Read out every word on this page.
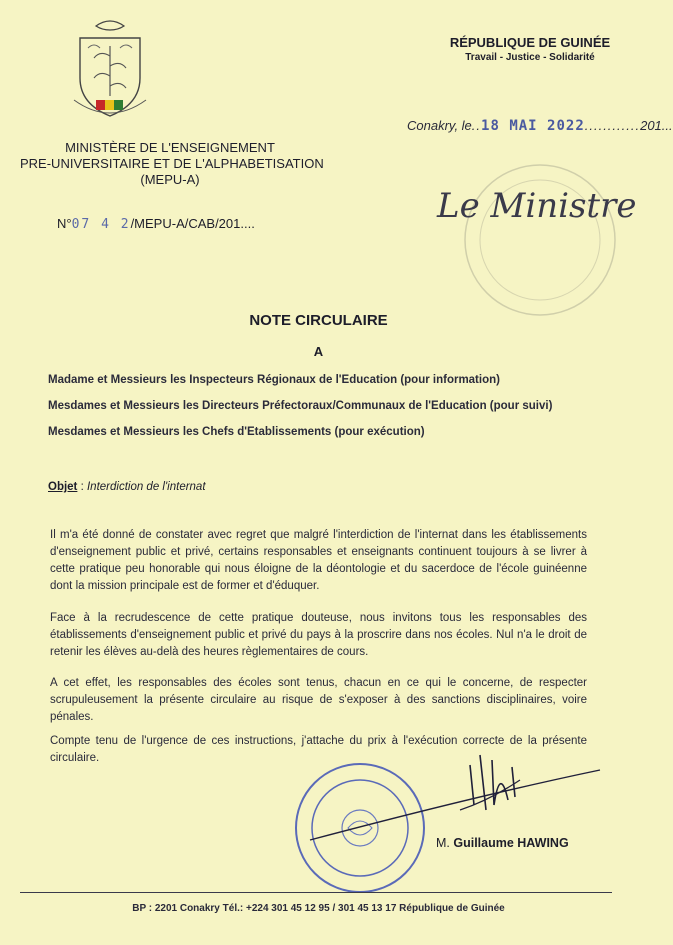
MINISTÈRE DE L'ENSEIGNEMENT
PRE-UNIVERSITAIRE ET DE L'ALPHABETISATION
(MEPU-A)
N°07 4 2/MEPU-A/CAB/201....
RÉPUBLIQUE DE GUINÉE
Travail - Justice - Solidarité
Conakry, le..18 MAI 2022............201...
Le Ministre
NOTE CIRCULAIRE
A
Madame et Messieurs les Inspecteurs Régionaux de l'Education (pour information)
Mesdames et Messieurs les Directeurs Préfectoraux/Communaux de l'Education (pour suivi)
Mesdames et Messieurs les Chefs d'Etablissements (pour exécution)
Objet : Interdiction de l'internat
Il m'a été donné de constater avec regret que malgré l'interdiction de l'internat dans les établissements d'enseignement public et privé, certains responsables et enseignants continuent toujours à se livrer à cette pratique peu honorable qui nous éloigne de la déontologie et du sacerdoce de l'école guinéenne dont la mission principale est de former et d'éduquer.
Face à la recrudescence de cette pratique douteuse, nous invitons tous les responsables des établissements d'enseignement public et privé du pays à la proscrire dans nos écoles. Nul n'a le droit de retenir les élèves au-delà des heures règlementaires de cours.
A cet effet, les responsables des écoles sont tenus, chacun en ce qui le concerne, de respecter scrupuleusement la présente circulaire au risque de s'exposer à des sanctions disciplinaires, voire pénales.
Compte tenu de l'urgence de ces instructions, j'attache du prix à l'exécution correcte de la présente circulaire.
M. Guillaume HAWING
BP : 2201 Conakry Tél.: +224 301 45 12 95 / 301 45 13 17 République de Guinée
